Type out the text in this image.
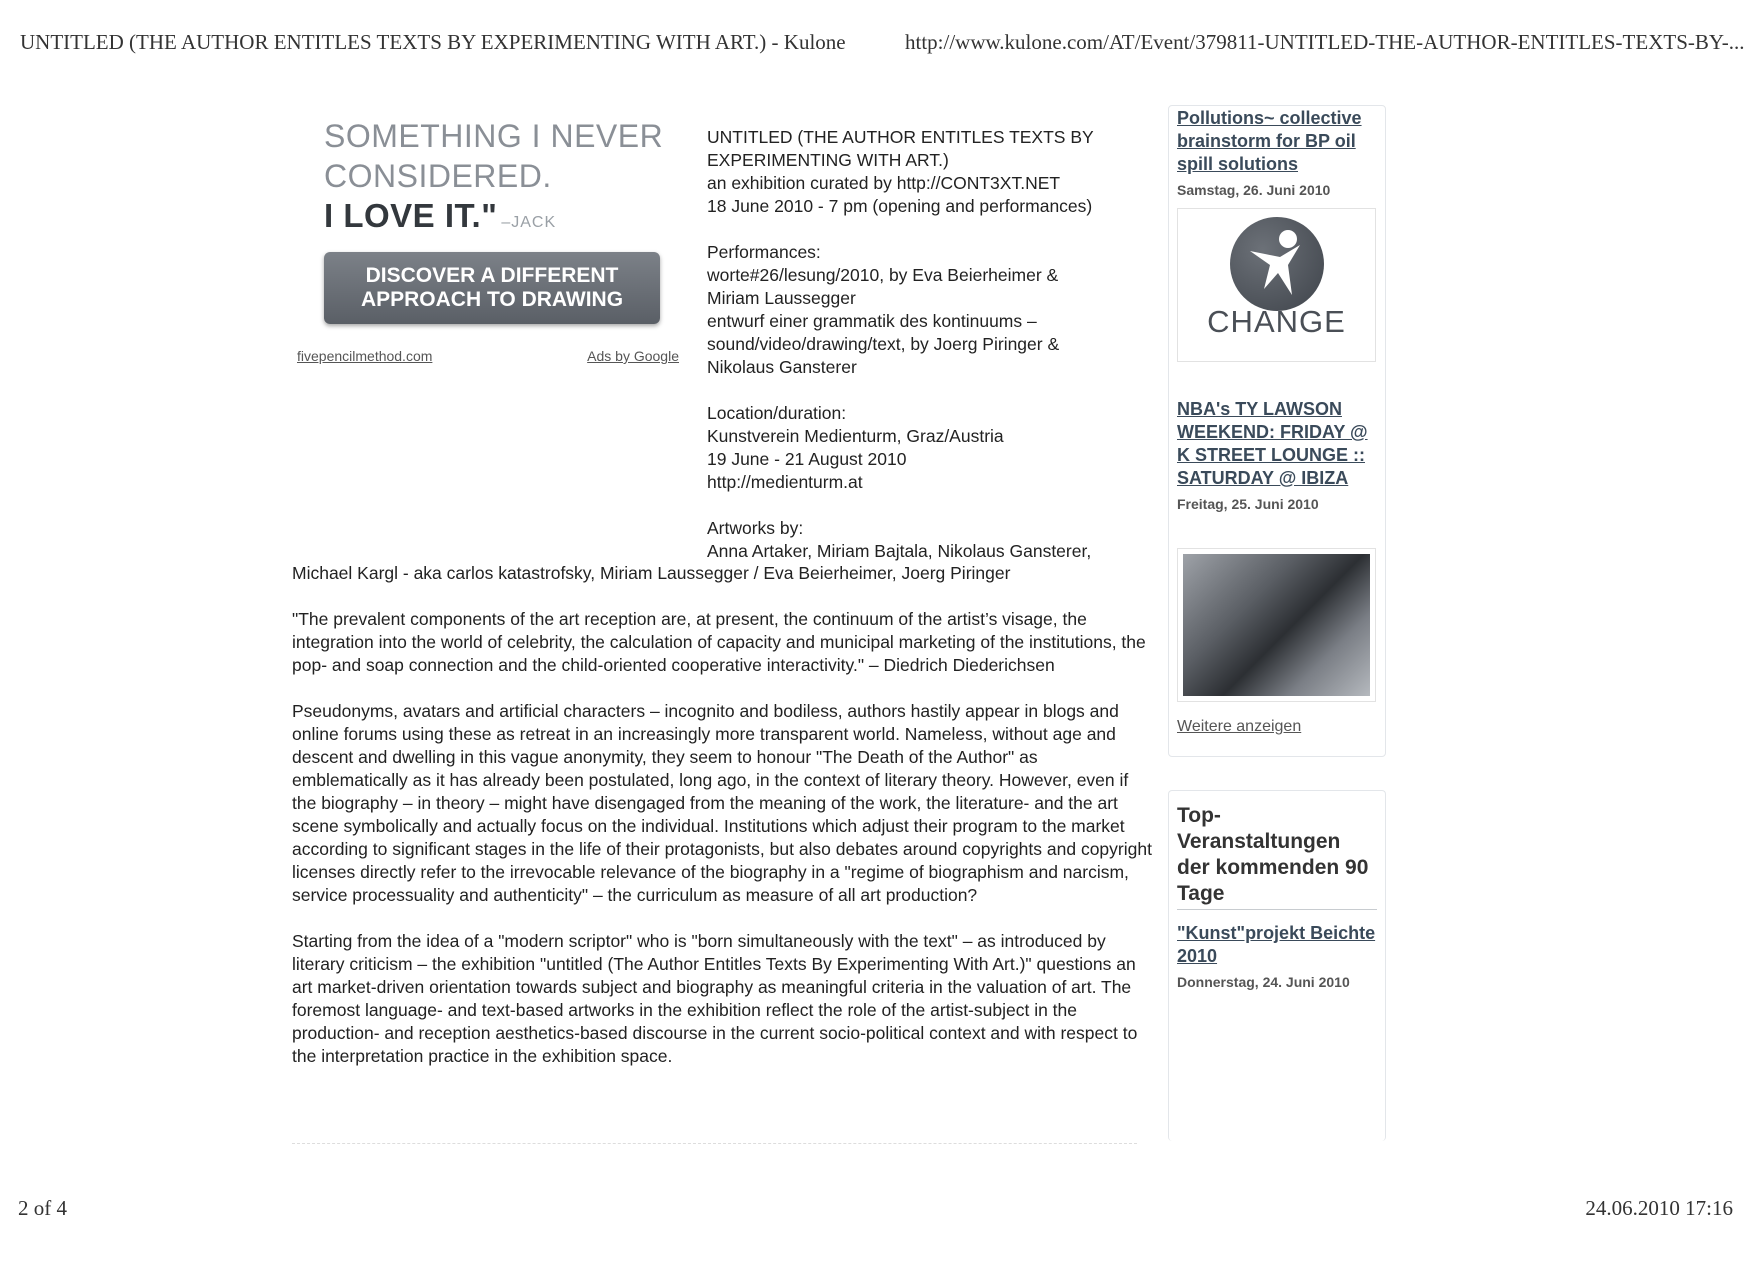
UNTITLED (THE AUTHOR ENTITLES TEXTS BY EXPERIMENTING WITH ART.) - Kulone	http://www.kulone.com/AT/Event/379811-UNTITLED-THE-AUTHOR-ENTITLES-TEXTS-BY-...
SOMETHING I NEVER
CONSIDERED.
I LOVE IT." –JACK
DISCOVER A DIFFERENT
APPROACH TO DRAWING
fivepencilmethod.com	Ads by Google

UNTITLED (THE AUTHOR ENTITLES TEXTS BY
EXPERIMENTING WITH ART.)
an exhibition curated by http://CONT3XT.NET
18 June 2010 - 7 pm (opening and performances)

Performances:
worte#26/lesung/2010, by Eva Beierheimer &
Miriam Laussegger
entwurf einer grammatik des kontinuums –
sound/video/drawing/text, by Joerg Piringer &
Nikolaus Gansterer

Location/duration:
Kunstverein Medienturm, Graz/Austria
19 June - 21 August 2010
http://medienturm.at

Artworks by:
Anna Artaker, Miriam Bajtala, Nikolaus Gansterer,

Michael Kargl - aka carlos katastrofsky, Miriam Laussegger / Eva Beierheimer, Joerg Piringer

"The prevalent components of the art reception are, at present, the continuum of the artist’s visage, the integration into the world of celebrity, the calculation of capacity and municipal marketing of the institutions, the pop- and soap connection and the child-oriented cooperative interactivity." – Diedrich Diederichsen

Pseudonyms, avatars and artificial characters – incognito and bodiless, authors hastily appear in blogs and online forums using these as retreat in an increasingly more transparent world. Nameless, without age and descent and dwelling in this vague anonymity, they seem to honour "The Death of the Author" as emblematically as it has already been postulated, long ago, in the context of literary theory. However, even if the biography – in theory – might have disengaged from the meaning of the work, the literature- and the art scene symbolically and actually focus on the individual. Institutions which adjust their program to the market according to significant stages in the life of their protagonists, but also debates around copyrights and copyright licenses directly refer to the irrevocable relevance of the biography in a "regime of biographism and narcism, service processuality and authenticity" – the curriculum as measure of all art production?

Starting from the idea of a "modern scriptor" who is "born simultaneously with the text" – as introduced by literary criticism – the exhibition "untitled (The Author Entitles Texts By Experimenting With Art.)" questions an art market-driven orientation towards subject and biography as meaningful criteria in the valuation of art. The foremost language- and text-based artworks in the exhibition reflect the role of the artist-subject in the production- and reception aesthetics-based discourse in the current socio-political context and with respect to the interpretation practice in the exhibition space.

Pollutions~ collective brainstorm for BP oil spill solutions
Samstag, 26. Juni 2010
CHANGE
NBA's TY LAWSON WEEKEND: FRIDAY @ K STREET LOUNGE :: SATURDAY @ IBIZA
Freitag, 25. Juni 2010
Weitere anzeigen
Top-Veranstaltungen der kommenden 90 Tage
"Kunst"projekt Beichte 2010
Donnerstag, 24. Juni 2010
2 of 4	24.06.2010 17:16
